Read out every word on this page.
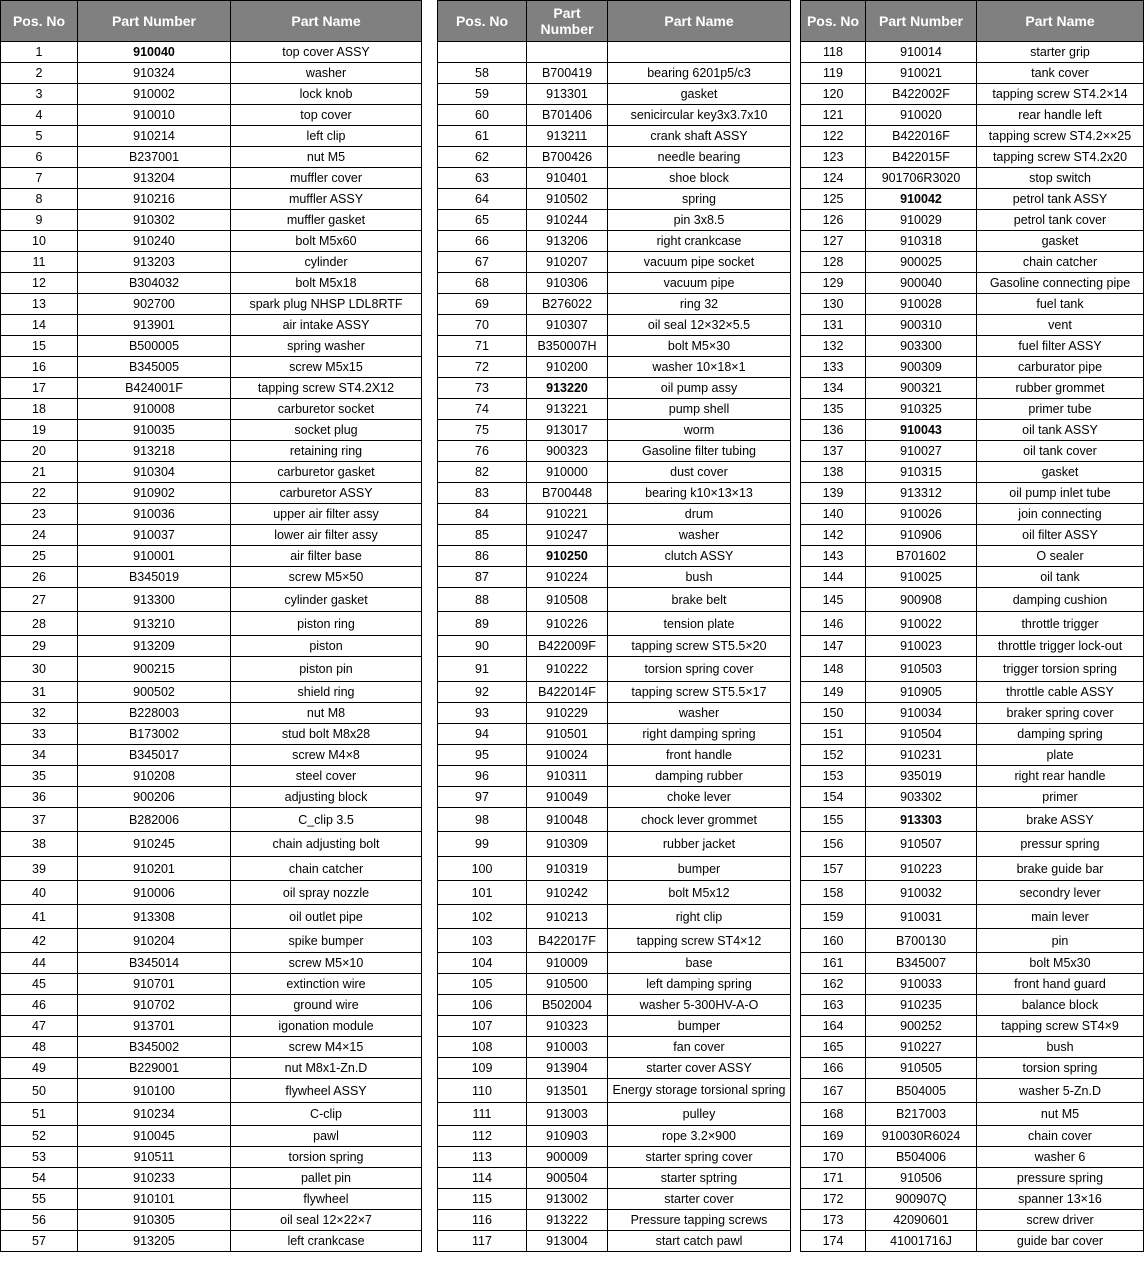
Pos. No	Part Number	Part Name
1	910040	top cover ASSY
2	910324	washer
3	910002	lock knob
4	910010	top cover
5	910214	left clip
6	B237001	nut M5
7	913204	muffler cover
8	910216	muffler ASSY
9	910302	muffler gasket
10	910240	bolt M5x60
11	913203	cylinder
12	B304032	bolt M5x18
13	902700	spark plug NHSP LDL8RTF
14	913901	air intake ASSY
15	B500005	spring washer
16	B345005	screw M5x15
17	B424001F	tapping screw ST4.2X12
18	910008	carburetor socket
19	910035	socket plug
20	913218	retaining ring
21	910304	carburetor gasket
22	910902	carburetor ASSY
23	910036	upper air filter assy
24	910037	lower air filter assy
25	910001	air filter base
26	B345019	screw M5×50
27	913300	cylinder gasket
28	913210	piston ring
29	913209	piston
30	900215	piston pin
31	900502	shield ring
32	B228003	nut M8
33	B173002	stud bolt M8x28
34	B345017	screw M4×8
35	910208	steel cover
36	900206	adjusting block
37	B282006	C_clip 3.5
38	910245	chain adjusting bolt
39	910201	chain catcher
40	910006	oil spray nozzle
41	913308	oil outlet pipe
42	910204	spike bumper
44	B345014	screw M5×10
45	910701	extinction wire
46	910702	ground wire
47	913701	igonation module
48	B345002	screw M4×15
49	B229001	nut M8x1-Zn.D
50	910100	flywheel ASSY
51	910234	C-clip
52	910045	pawl
53	910511	torsion spring
54	910233	pallet pin
55	910101	flywheel
56	910305	oil seal 12×22×7
57	913205	left crankcase
Pos. No	Part Number	Part Name

58	B700419	bearing 6201p5/c3
59	913301	gasket
60	B701406	senicircular key3x3.7x10
61	913211	crank shaft ASSY
62	B700426	needle bearing
63	910401	shoe block
64	910502	spring
65	910244	pin 3x8.5
66	913206	right crankcase
67	910207	vacuum pipe socket
68	910306	vacuum pipe
69	B276022	ring 32
70	910307	oil seal 12×32×5.5
71	B350007H	bolt M5×30
72	910200	washer 10×18×1
73	913220	oil pump assy
74	913221	pump shell
75	913017	worm
76	900323	Gasoline filter tubing
82	910000	dust cover
83	B700448	bearing k10×13×13
84	910221	drum
85	910247	washer
86	910250	clutch ASSY
87	910224	bush
88	910508	brake belt
89	910226	tension plate
90	B422009F	tapping screw ST5.5×20
91	910222	torsion spring cover
92	B422014F	tapping screw ST5.5×17
93	910229	washer
94	910501	right damping spring
95	910024	front handle
96	910311	damping rubber
97	910049	choke lever
98	910048	chock lever grommet
99	910309	rubber jacket
100	910319	bumper
101	910242	bolt M5x12
102	910213	right clip
103	B422017F	tapping screw ST4×12
104	910009	base
105	910500	left damping spring
106	B502004	washer 5-300HV-A-O
107	910323	bumper
108	910003	fan cover
109	913904	starter cover ASSY
110	913501	Energy storage torsional spring
111	913003	pulley
112	910903	rope 3.2×900
113	900009	starter spring cover
114	900504	starter sptring
115	913002	starter cover
116	913222	Pressure tapping screws
117	913004	start catch pawl
Pos. No	Part Number	Part Name
118	910014	starter grip
119	910021	tank cover
120	B422002F	tapping screw ST4.2×14
121	910020	rear handle left
122	B422016F	tapping screw ST4.2××25
123	B422015F	tapping screw ST4.2x20
124	901706R3020	stop switch
125	910042	petrol tank ASSY
126	910029	petrol tank cover
127	910318	gasket
128	900025	chain catcher
129	900040	Gasoline connecting pipe
130	910028	fuel tank
131	900310	vent
132	903300	fuel filter ASSY
133	900309	carburator pipe
134	900321	rubber grommet
135	910325	primer tube
136	910043	oil tank ASSY
137	910027	oil tank cover
138	910315	gasket
139	913312	oil pump inlet tube
140	910026	join connecting
142	910906	oil filter ASSY
143	B701602	O sealer
144	910025	oil tank
145	900908	damping cushion
146	910022	throttle trigger
147	910023	throttle trigger lock-out
148	910503	trigger torsion spring
149	910905	throttle cable ASSY
150	910034	braker spring cover
151	910504	damping spring
152	910231	plate
153	935019	right rear handle
154	903302	primer
155	913303	brake ASSY
156	910507	pressur spring
157	910223	brake guide bar
158	910032	secondry lever
159	910031	main lever
160	B700130	pin
161	B345007	bolt M5x30
162	910033	front hand guard
163	910235	balance block
164	900252	tapping screw ST4×9
165	910227	bush
166	910505	torsion spring
167	B504005	washer 5-Zn.D
168	B217003	nut M5
169	910030R6024	chain cover
170	B504006	washer 6
171	910506	pressure spring
172	900907Q	spanner 13×16
173	42090601	screw driver
174	41001716J	guide bar cover
